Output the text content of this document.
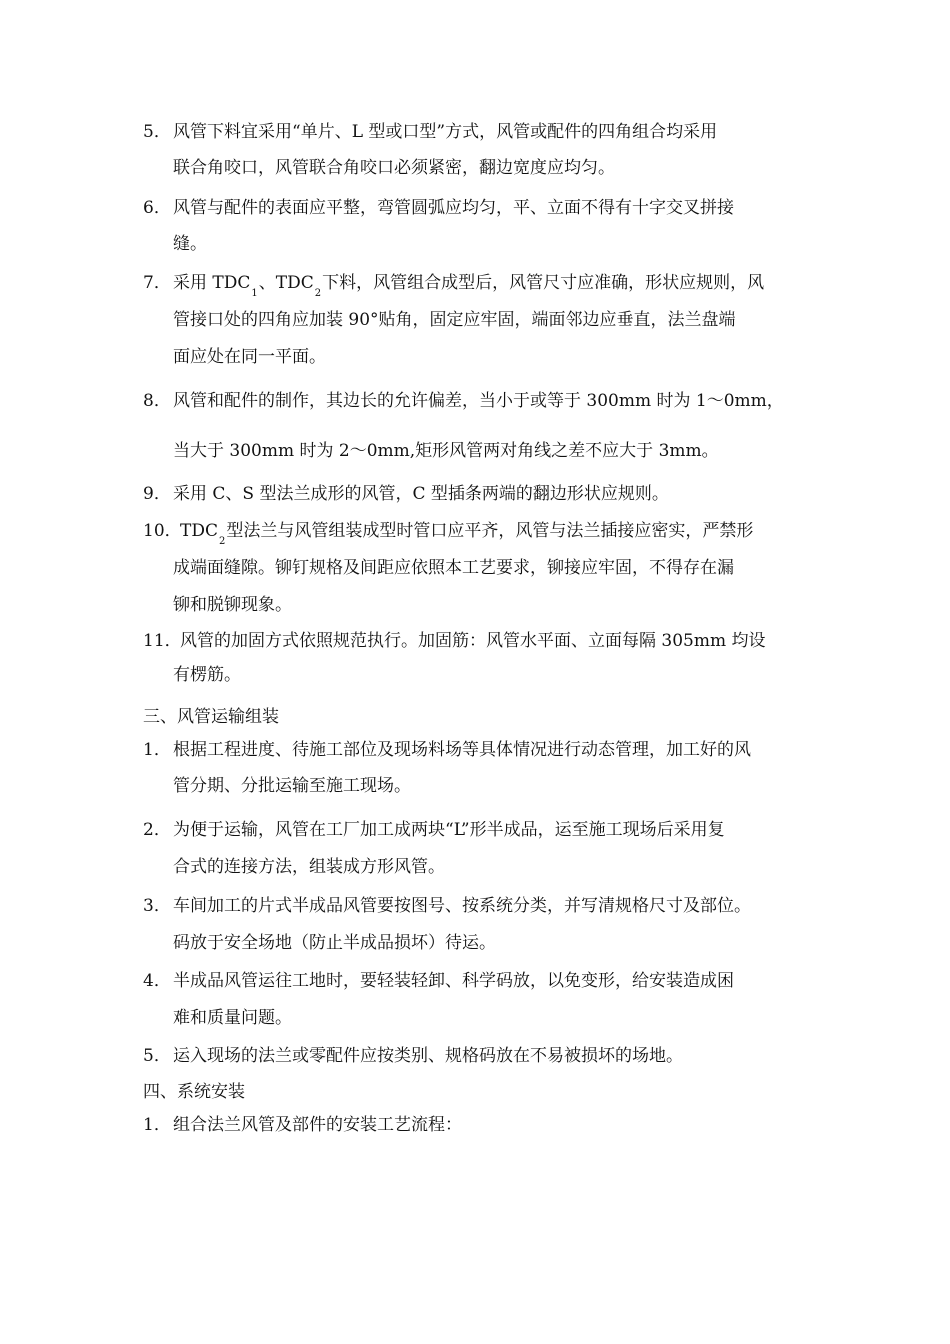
5． 风管下料宜采用“单片、L 型或口型”方式，风管或配件的四角组合均采用
联合角咬口，风管联合角咬口必须紧密，翻边宽度应均匀。
6． 风管与配件的表面应平整，弯管圆弧应均匀，平、立面不得有十字交叉拼接
缝。
7． 采用 $TDC_1$、$TDC_2$下料，风管组合成型后，风管尺寸应准确，形状应规则，风
管接口处的四角应加装 90°贴角，固定应牢固，端面邻边应垂直，法兰盘端
面应处在同一平面。
8． 风管和配件的制作，其边长的允许偏差，当小于或等于 300mm 时为 1～0mm，
当大于 300mm 时为 2～0mm,矩形风管两对角线之差不应大于 3mm。
9． 采用 C、S 型法兰成形的风管，C 型插条两端的翻边形状应规则。
10．
$TDC_2$型法兰与风管组装成型时管口应平齐，风管与法兰插接应密实，严禁形
成端面缝隙。铆钉规格及间距应依照本工艺要求，铆接应牢固，不得存在漏
铆和脱铆现象。
11．
风管的加固方式依照规范执行。加固筋：风管水平面、立面每隔 305mm 均设
有楞筋。
三、风管运输组装
1． 根据工程进度、待施工部位及现场料场等具体情况进行动态管理，加工好的风
管分期、分批运输至施工现场。
2． 为便于运输，风管在工厂加工成两块“L”形半成品，运至施工现场后采用复
合式的连接方法，组装成方形风管。
3． 车间加工的片式半成品风管要按图号、按系统分类，并写清规格尺寸及部位。
码放于安全场地（防止半成品损坏）待运。
4． 半成品风管运往工地时，要轻装轻卸、科学码放，以免变形，给安装造成困
难和质量问题。
5． 运入现场的法兰或零配件应按类别、规格码放在不易被损坏的场地。
四、系统安装
1． 组合法兰风管及部件的安装工艺流程：
